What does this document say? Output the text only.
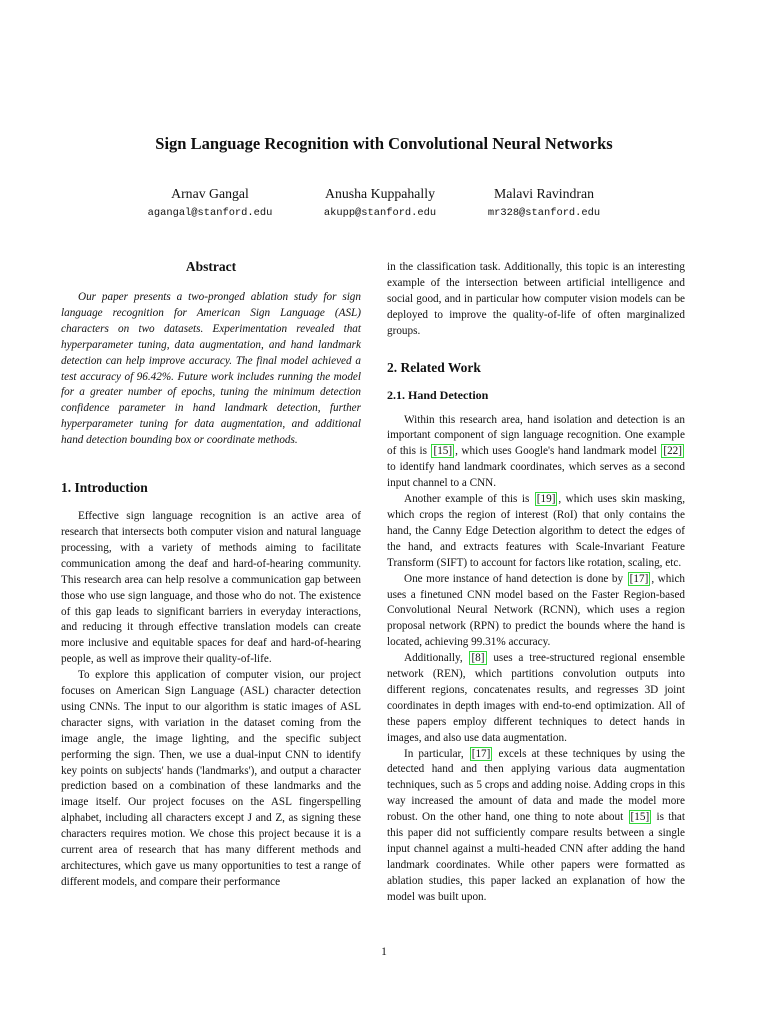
Sign Language Recognition with Convolutional Neural Networks
Arnav Gangal
agangal@stanford.edu
Anusha Kuppahally
akupp@stanford.edu
Malavi Ravindran
mr328@stanford.edu
Abstract

Our paper presents a two-pronged ablation study for sign language recognition for American Sign Language (ASL) characters on two datasets. Experimentation revealed that hyperparameter tuning, data augmentation, and hand landmark detection can help improve accuracy. The final model achieved a test accuracy of 96.42%. Future work includes running the model for a greater number of epochs, tuning the minimum detection confidence parameter in hand landmark detection, further hyperparameter tuning for data augmentation, and additional hand detection bounding box or coordinate methods.

1. Introduction

Effective sign language recognition is an active area of research that intersects both computer vision and natural language processing, with a variety of methods aiming to facilitate communication among the deaf and hard-of-hearing community. This research area can help resolve a communication gap between those who use sign language, and those who do not. The existence of this gap leads to significant barriers in everyday interactions, and reducing it through effective translation models can create more inclusive and equitable spaces for deaf and hard-of-hearing people, as well as improve their quality-of-life.

To explore this application of computer vision, our project focuses on American Sign Language (ASL) character detection using CNNs. The input to our algorithm is static images of ASL character signs, with variation in the dataset coming from the image angle, the image lighting, and the specific subject performing the sign. Then, we use a dual-input CNN to identify key points on subjects' hands ('landmarks'), and output a character prediction based on a combination of these landmarks and the image itself. Our project focuses on the ASL fingerspelling alphabet, including all characters except J and Z, as signing these characters requires motion. We chose this project because it is a current area of research that has many different methods and architectures, which gave us many opportunities to test a range of different models, and compare their performance

in the classification task. Additionally, this topic is an interesting example of the intersection between artificial intelligence and social good, and in particular how computer vision models can be deployed to improve the quality-of-life of often marginalized groups.

2. Related Work
2.1. Hand Detection

Within this research area, hand isolation and detection is an important component of sign language recognition. One example of this is [15] , which uses Google's hand landmark model [22] to identify hand landmark coordinates, which serves as a second input channel to a CNN.

Another example of this is [19] , which uses skin masking, which crops the region of interest (RoI) that only contains the hand, the Canny Edge Detection algorithm to detect the edges of the hand, and extracts features with Scale-Invariant Feature Transform (SIFT) to account for factors like rotation, scaling, etc.

One more instance of hand detection is done by [17] , which uses a finetuned CNN model based on the Faster Region-based Convolutional Neural Network (RCNN), which uses a region proposal network (RPN) to predict the bounds where the hand is located, achieving 99.31% accuracy.

Additionally, [8] uses a tree-structured regional ensemble network (REN), which partitions convolution outputs into different regions, concatenates results, and regresses 3D joint coordinates in depth images with end-to-end optimization. All of these papers employ different techniques to detect hands in images, and also use data augmentation.

In particular, [17] excels at these techniques by using the detected hand and then applying various data augmentation techniques, such as 5 crops and adding noise. Adding crops in this way increased the amount of data and made the model more robust. On the other hand, one thing to note about [15] is that this paper did not sufficiently compare results between a single input channel against a multi-headed CNN after adding the hand landmark coordinates. While other papers were formatted as ablation studies, this paper lacked an explanation of how the model was built upon.

1
